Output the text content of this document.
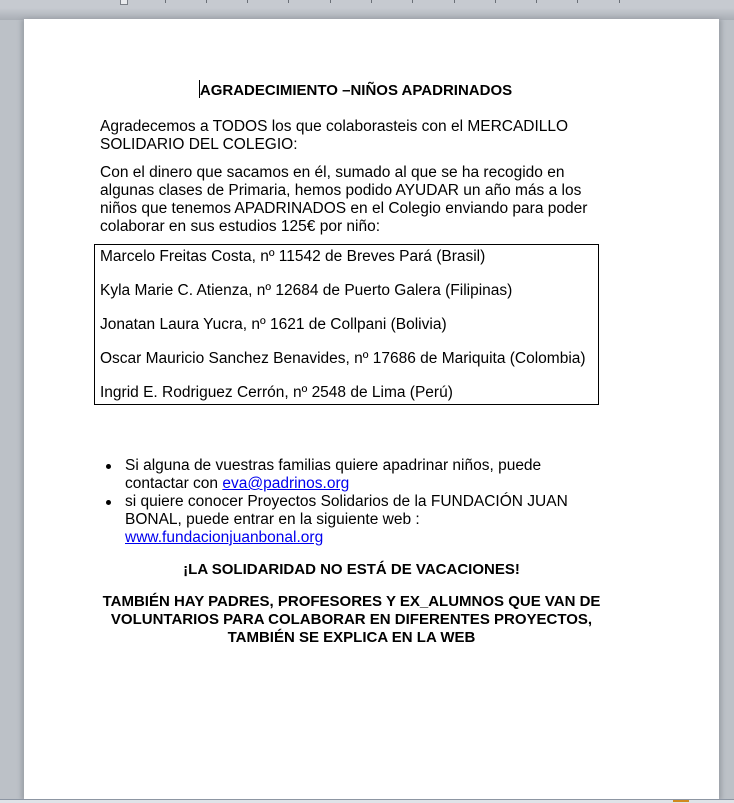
AGRADECIMIENTO –NIÑOS APADRINADOS

Agradecemos a TODOS los que colaborasteis con el MERCADILLO SOLIDARIO DEL COLEGIO:

Con el dinero que sacamos en él, sumado al que se ha recogido en algunas clases de Primaria, hemos podido AYUDAR un año más a los niños que tenemos APADRINADOS en el Colegio enviando para poder colaborar en sus estudios 125€ por niño:

Marcelo Freitas Costa, nº 11542 de Breves Pará (Brasil)

Kyla Marie C. Atienza, nº 12684 de Puerto Galera (Filipinas)

Jonatan Laura Yucra, nº 1621 de Collpani (Bolivia)

Oscar Mauricio Sanchez Benavides, nº 17686 de Mariquita (Colombia)

Ingrid E. Rodriguez Cerrón, nº 2548 de Lima (Perú)

Si alguna de vuestras familias quiere apadrinar niños, puede contactar con eva@padrinos.org
si quiere conocer Proyectos Solidarios de la FUNDACIÓN JUAN BONAL, puede entrar en la siguiente web : www.fundacionjuanbonal.org

¡LA SOLIDARIDAD NO ESTÁ DE VACACIONES!

TAMBIÉN HAY PADRES, PROFESORES Y EX_ALUMNOS QUE VAN DE VOLUNTARIOS PARA COLABORAR EN DIFERENTES PROYECTOS, TAMBIÉN SE EXPLICA EN LA WEB
